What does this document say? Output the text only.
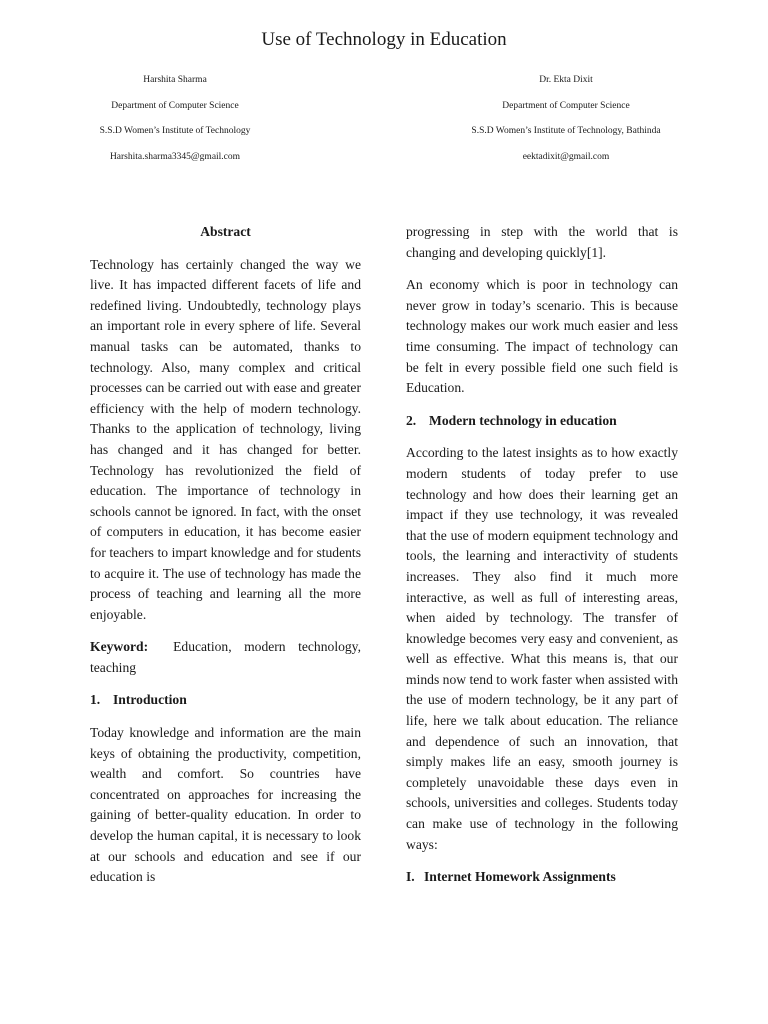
Use of Technology in Education
Harshita Sharma
Department of Computer Science
S.S.D Women’s Institute of Technology
Harshita.sharma3345@gmail.com
Dr. Ekta Dixit
Department of Computer Science
S.S.D Women’s Institute of Technology, Bathinda
eektadixit@gmail.com
Abstract

Technology has certainly changed the way we live. It has impacted different facets of life and redefined living. Undoubtedly, technology plays an important role in every sphere of life. Several manual tasks can be automated, thanks to technology. Also, many complex and critical processes can be carried out with ease and greater efficiency with the help of modern technology. Thanks to the application of technology, living has changed and it has changed for better. Technology has revolutionized the field of education. The importance of technology in schools cannot be ignored. In fact, with the onset of computers in education, it has become easier for teachers to impart knowledge and for students to acquire it. The use of technology has made the process of teaching and learning all the more enjoyable.

Keyword: Education, modern technology, teaching

1. Introduction

Today knowledge and information are the main keys of obtaining the productivity, competition, wealth and comfort. So countries have concentrated on approaches for increasing the gaining of better-quality education. In order to develop the human capital, it is necessary to look at our schools and education and see if our education is

progressing in step with the world that is changing and developing quickly[1].

An economy which is poor in technology can never grow in today’s scenario. This is because technology makes our work much easier and less time consuming. The impact of technology can be felt in every possible field one such field is Education.

2. Modern technology in education

According to the latest insights as to how exactly modern students of today prefer to use technology and how does their learning get an impact if they use technology, it was revealed that the use of modern equipment technology and tools, the learning and interactivity of students increases. They also find it much more interactive, as well as full of interesting areas, when aided by technology. The transfer of knowledge becomes very easy and convenient, as well as effective. What this means is, that our minds now tend to work faster when assisted with the use of modern technology, be it any part of life, here we talk about education. The reliance and dependence of such an innovation, that simply makes life an easy, smooth journey is completely unavoidable these days even in schools, universities and colleges. Students today can make use of technology in the following ways:

I. Internet Homework Assignments
